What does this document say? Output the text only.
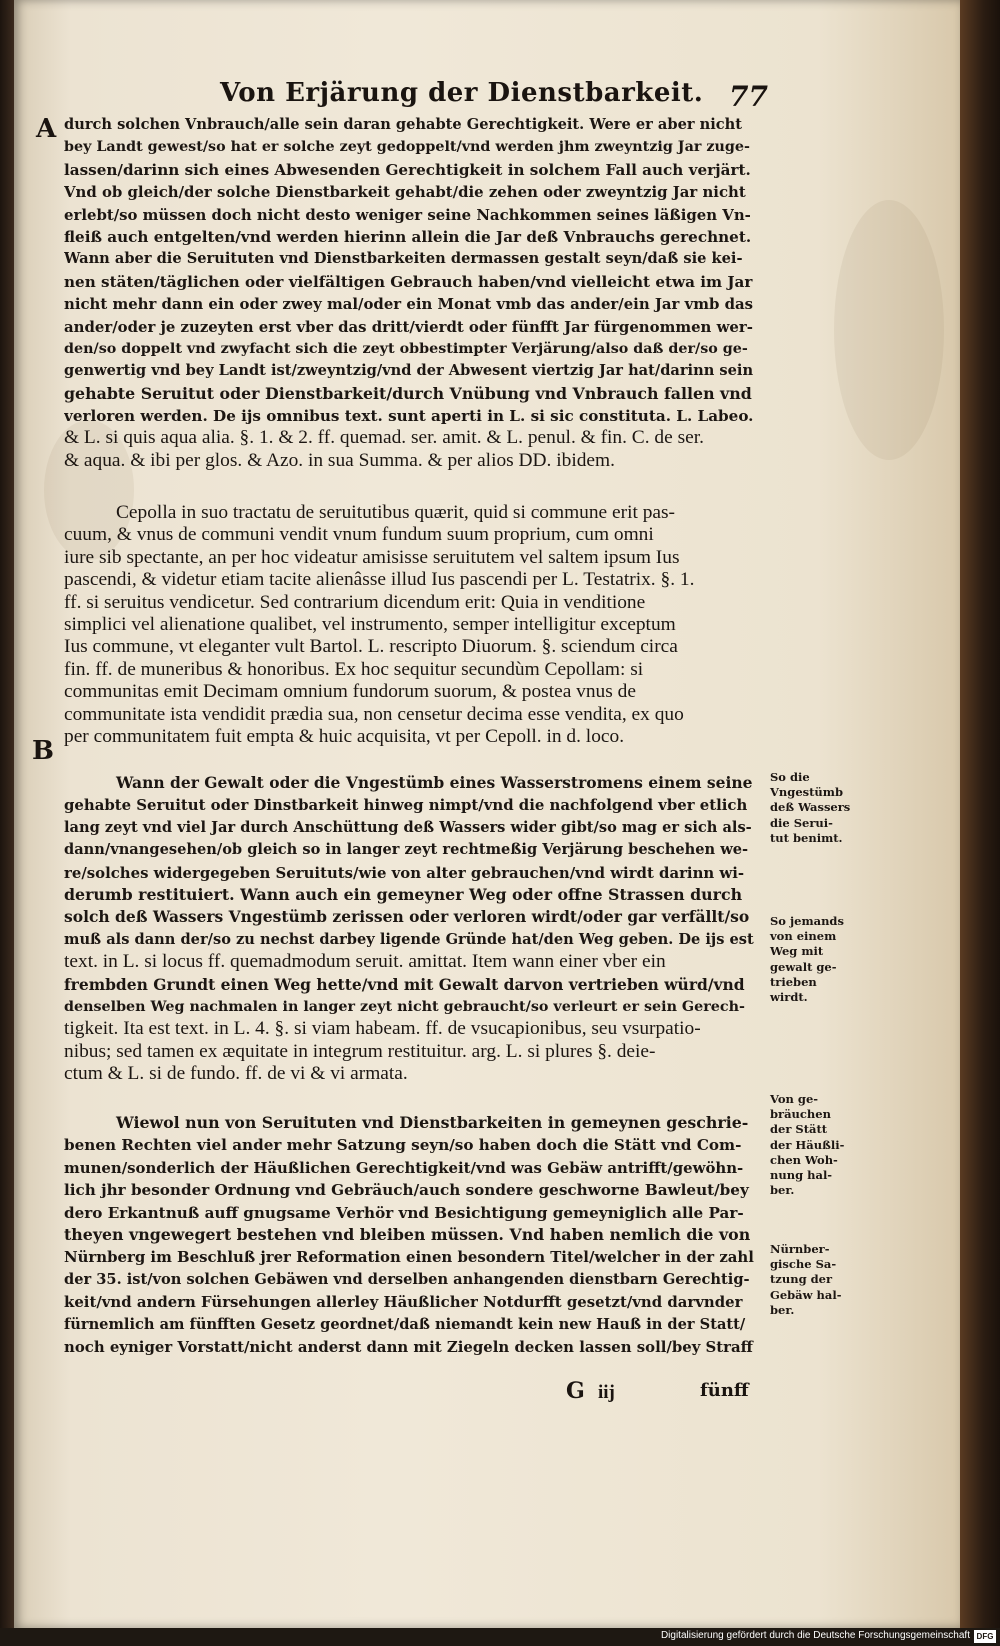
Von Erjärung der Dienstbarkeit. 77
A
B
durch solchen Vnbrauch/alle sein daran gehabte Gerechtigkeit. Were er aber nicht
bey Landt gewest/so hat er solche zeyt gedoppelt/vnd werden jhm zweyntzig Jar zuge-
lassen/darinn sich eines Abwesenden Gerechtigkeit in solchem Fall auch verjärt.
Vnd ob gleich/der solche Dienstbarkeit gehabt/die zehen oder zweyntzig Jar nicht
erlebt/so müssen doch nicht desto weniger seine Nachkommen seines läßigen Vn-
fleiß auch entgelten/vnd werden hierinn allein die Jar deß Vnbrauchs gerechnet.
Wann aber die Seruituten vnd Dienstbarkeiten dermassen gestalt seyn/daß sie kei-
nen stäten/täglichen oder vielfältigen Gebrauch haben/vnd vielleicht etwa im Jar
nicht mehr dann ein oder zwey mal/oder ein Monat vmb das ander/ein Jar vmb das
ander/oder je zuzeyten erst vber das dritt/vierdt oder fünfft Jar fürgenommen wer-
den/so doppelt vnd zwyfacht sich die zeyt obbestimpter Verjärung/also daß der/so ge-
genwertig vnd bey Landt ist/zweyntzig/vnd der Abwesent viertzig Jar hat/darinn sein
gehabte Seruitut oder Dienstbarkeit/durch Vnübung vnd Vnbrauch fallen vnd
verloren werden. De ijs omnibus text. sunt aperti in L. si sic constituta. L. Labeo.
& L. si quis aqua alia. §. 1. & 2. ff. quemad. ser. amit. & L. penul. & fin. C. de ser.
& aqua. & ibi per glos. & Azo. in sua Summa. & per alios DD. ibidem.
Cepolla in suo tractatu de seruitutibus quærit, quid si commune erit pas-
cuum, & vnus de communi vendit vnum fundum suum proprium, cum omni
iure sib spectante, an per hoc videatur amisisse seruitutem vel saltem ipsum Ius
pascendi, & videtur etiam tacite alienâsse illud Ius pascendi per L. Testatrix. §. 1.
ff. si seruitus vendicetur. Sed contrarium dicendum erit: Quia in venditione
simplici vel alienatione qualibet, vel instrumento, semper intelligitur exceptum
Ius commune, vt eleganter vult Bartol. L. rescripto Diuorum. §. sciendum circa
fin. ff. de muneribus & honoribus. Ex hoc sequitur secundùm Cepollam: si
communitas emit Decimam omnium fundorum suorum, & postea vnus de
communitate ista vendidit prædia sua, non censetur decima esse vendita, ex quo
per communitatem fuit empta & huic acquisita, vt per Cepoll. in d. loco.
Wann der Gewalt oder die Vngestümb eines Wasserstromens einem seine
gehabte Seruitut oder Dinstbarkeit hinweg nimpt/vnd die nachfolgend vber etlich
lang zeyt vnd viel Jar durch Anschüttung deß Wassers wider gibt/so mag er sich als-
dann/vnangesehen/ob gleich so in langer zeyt rechtmeßig Verjärung beschehen we-
re/solches widergegeben Seruituts/wie von alter gebrauchen/vnd wirdt darinn wi-
derumb restituiert. Wann auch ein gemeyner Weg oder offne Strassen durch
solch deß Wassers Vngestümb zerissen oder verloren wirdt/oder gar verfällt/so
muß als dann der/so zu nechst darbey ligende Gründe hat/den Weg geben. De ijs est
text. in L. si locus ff. quemadmodum seruit. amittat. Item wann einer vber ein
frembden Grundt einen Weg hette/vnd mit Gewalt darvon vertrieben würd/vnd
denselben Weg nachmalen in langer zeyt nicht gebraucht/so verleurt er sein Gerech-
tigkeit. Ita est text. in L. 4. §. si viam habeam. ff. de vsucapionibus, seu vsurpatio-
nibus; sed tamen ex æquitate in integrum restituitur. arg. L. si plures §. deie-
ctum & L. si de fundo. ff. de vi & vi armata.
Wiewol nun von Seruituten vnd Dienstbarkeiten in gemeynen geschrie-
benen Rechten viel ander mehr Satzung seyn/so haben doch die Stätt vnd Com-
munen/sonderlich der Häußlichen Gerechtigkeit/vnd was Gebäw antrifft/gewöhn-
lich jhr besonder Ordnung vnd Gebräuch/auch sondere geschworne Bawleut/bey
dero Erkantnuß auff gnugsame Verhör vnd Besichtigung gemeyniglich alle Par-
theyen vngewegert bestehen vnd bleiben müssen. Vnd haben nemlich die von
Nürnberg im Beschluß jrer Reformation einen besondern Titel/welcher in der zahl
der 35. ist/von solchen Gebäwen vnd derselben anhangenden dienstbarn Gerechtig-
keit/vnd andern Fürsehungen allerley Häußlicher Notdurfft gesetzt/vnd darvnder
fürnemlich am fünfften Gesetz geordnet/daß niemandt kein new Hauß in der Statt/
noch eyniger Vorstatt/nicht anderst dann mit Ziegeln decken lassen soll/bey Straff
So die
Vngestümb
deß Wassers
die Serui-
tut benimt.
So jemands
von einem
Weg mit
gewalt ge-
trieben
wirdt.
Von ge-
bräuchen
der Stätt
der Häußli-
chen Woh-
nung hal-
ber.
Nürnber-
gische Sa-
tzung der
Gebäw hal-
ber.
G iij	fünff
Digitalisierung gefördert durch die Deutsche Forschungsgemeinschaft DFG
